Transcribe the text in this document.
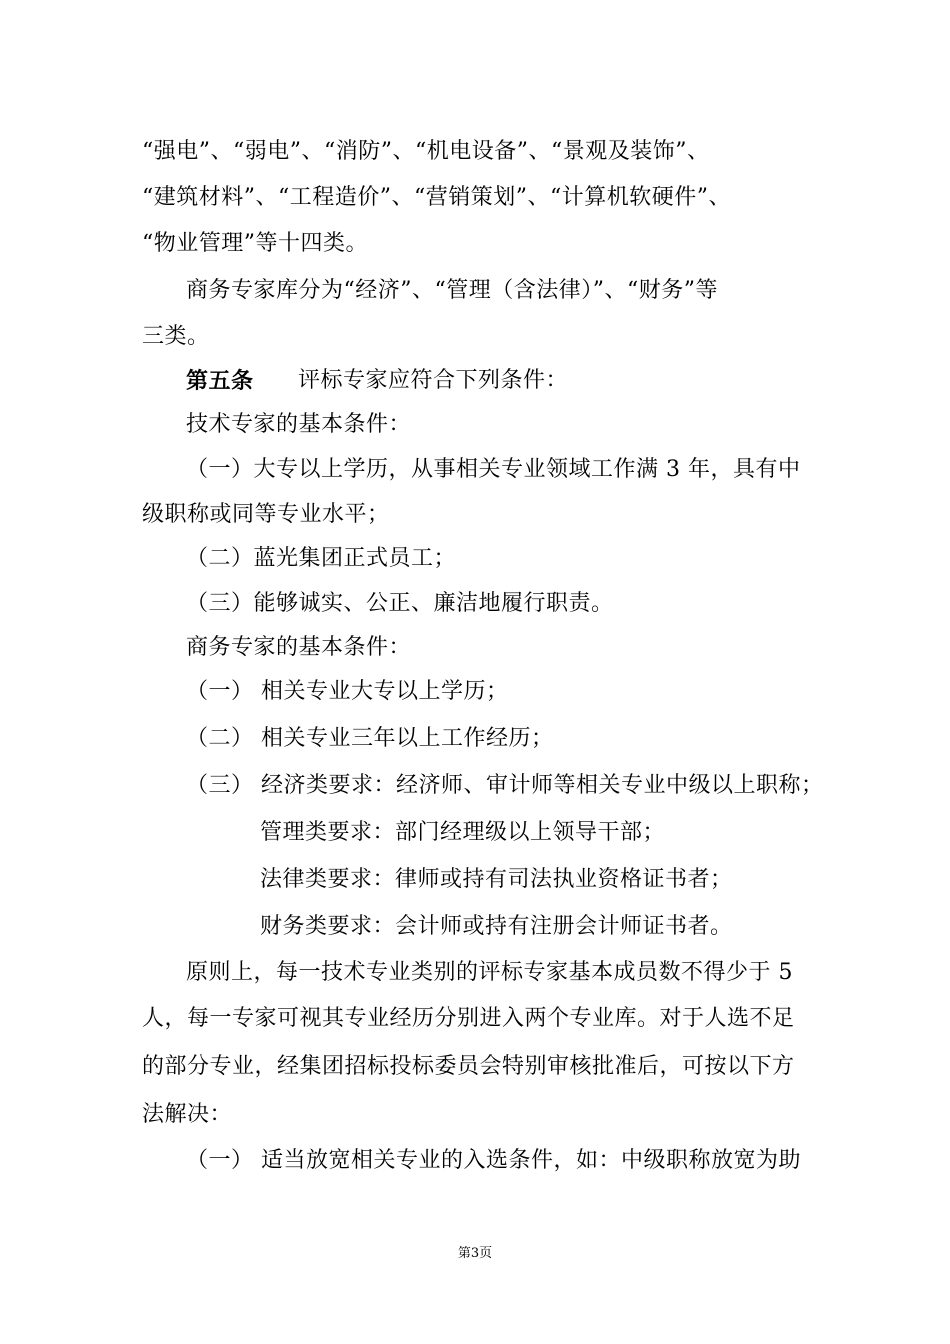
“强电”、“弱电”、“消防”、“机电设备”、“景观及装饰”、
“建筑材料”、“工程造价”、“营销策划”、“计算机软硬件”、
“物业管理”等十四类。
商务专家库分为“经济”、“管理（含法律）”、“财务”等
三类。
第五条 评标专家应符合下列条件：
技术专家的基本条件：
（一）大专以上学历，从事相关专业领域工作满 3 年，具有中
级职称或同等专业水平；
（二）蓝光集团正式员工；
（三）能够诚实、公正、廉洁地履行职责。
商务专家的基本条件：
（一） 相关专业大专以上学历；
（二） 相关专业三年以上工作经历；
（三） 经济类要求：经济师、审计师等相关专业中级以上职称；
管理类要求：部门经理级以上领导干部；
法律类要求：律师或持有司法执业资格证书者；
财务类要求：会计师或持有注册会计师证书者。
原则上，每一技术专业类别的评标专家基本成员数不得少于 5
人，每一专家可视其专业经历分别进入两个专业库。对于人选不足
的部分专业，经集团招标投标委员会特别审核批准后，可按以下方
法解决：
（一） 适当放宽相关专业的入选条件，如：中级职称放宽为助
第3页
